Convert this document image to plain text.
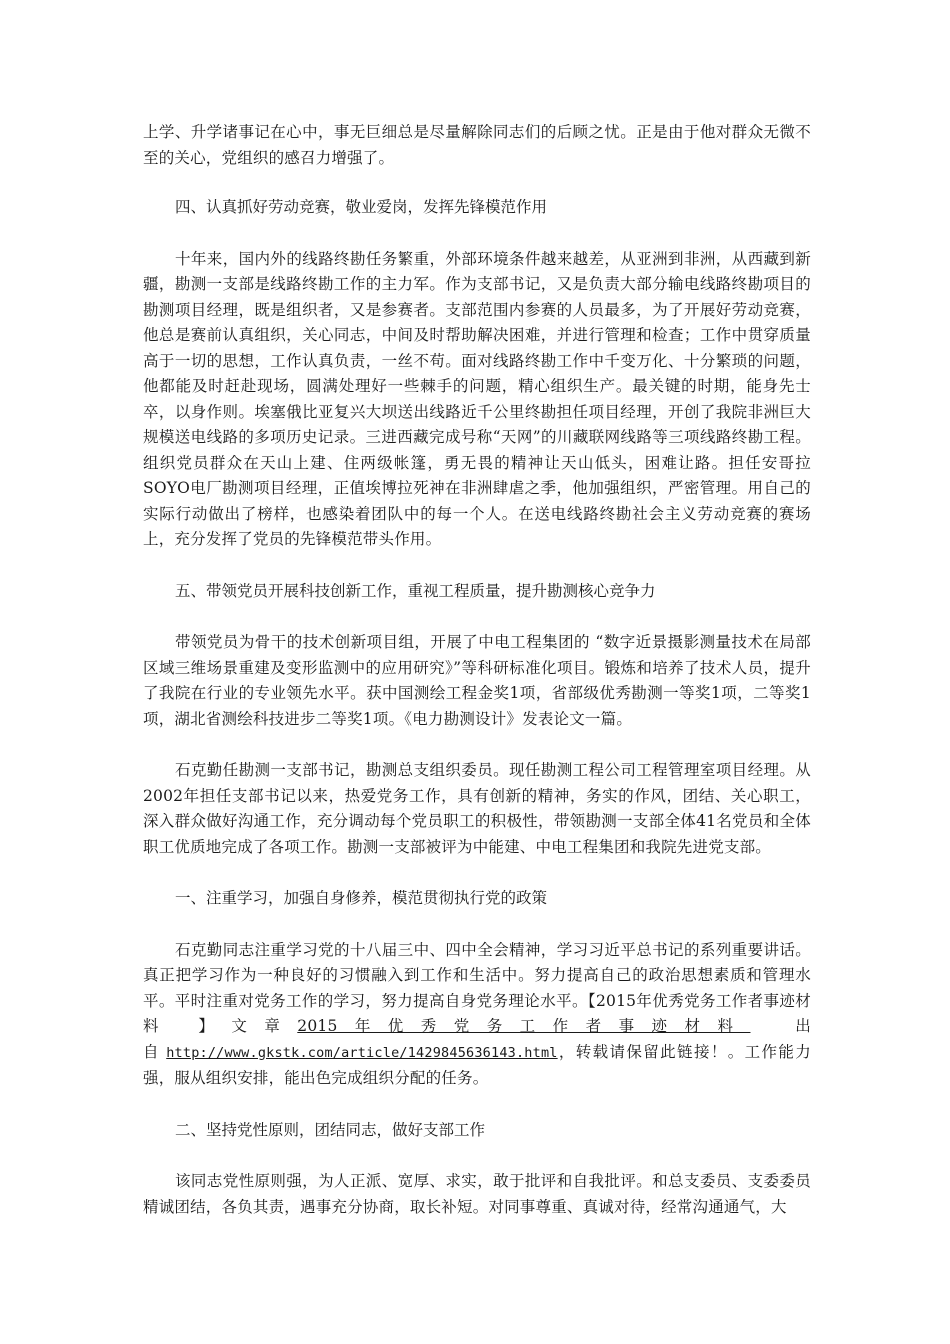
上学、升学诸事记在心中，事无巨细总是尽量解除同志们的后顾之忧。正是由于他对群众无微不至的关心，党组织的感召力增强了。

四、认真抓好劳动竞赛，敬业爱岗，发挥先锋模范作用

十年来，国内外的线路终勘任务繁重，外部环境条件越来越差，从亚洲到非洲，从西藏到新疆，勘测一支部是线路终勘工作的主力军。作为支部书记，又是负责大部分输电线路终勘项目的勘测项目经理，既是组织者，又是参赛者。支部范围内参赛的人员最多，为了开展好劳动竞赛，他总是赛前认真组织，关心同志，中间及时帮助解决困难，并进行管理和检查；工作中贯穿质量高于一切的思想，工作认真负责，一丝不苟。面对线路终勘工作中千变万化、十分繁琐的问题，他都能及时赶赴现场，圆满处理好一些棘手的问题，精心组织生产。最关键的时期，能身先士卒，以身作则。埃塞俄比亚复兴大坝送出线路近千公里终勘担任项目经理，开创了我院非洲巨大规模送电线路的多项历史记录。三进西藏完成号称“天网”的川藏联网线路等三项线路终勘工程。组织党员群众在天山上建、住两级帐篷，勇无畏的精神让天山低头，困难让路。担任安哥拉SOYO电厂勘测项目经理，正值埃博拉死神在非洲肆虐之季，他加强组织，严密管理。用自己的实际行动做出了榜样，也感染着团队中的每一个人。在送电线路终勘社会主义劳动竞赛的赛场上，充分发挥了党员的先锋模范带头作用。

五、带领党员开展科技创新工作，重视工程质量，提升勘测核心竞争力

带领党员为骨干的技术创新项目组，开展了中电工程集团的 “数字近景摄影测量技术在局部区域三维场景重建及变形监测中的应用研究》”等科研标准化项目。锻炼和培养了技术人员，提升了我院在行业的专业领先水平。获中国测绘工程金奖1项，省部级优秀勘测一等奖1项，二等奖1项，湖北省测绘科技进步二等奖1项。《电力勘测设计》发表论文一篇。

石克勤任勘测一支部书记，勘测总支组织委员。现任勘测工程公司工程管理室项目经理。从2002年担任支部书记以来，热爱党务工作，具有创新的精神，务实的作风，团结、关心职工，深入群众做好沟通工作，充分调动每个党员职工的积极性，带领勘测一支部全体41名党员和全体职工优质地完成了各项工作。勘测一支部被评为中能建、中电工程集团和我院先进党支部。

一、注重学习，加强自身修养，模范贯彻执行党的政策

石克勤同志注重学习党的十八届三中、四中全会精神，学习习近平总书记的系列重要讲话。真正把学习作为一种良好的习惯融入到工作和生活中。努力提高自己的政治思想素质和管理水平。平时注重对党务工作的学习，努力提高自身党务理论水平。【2015年优秀党务工作者事迹材料 】文章2015年优秀党务工作者事迹材料	出自 http://www.gkstk.com/article/1429845636143.html，转载请保留此链接！。工作能力强，服从组织安排，能出色完成组织分配的任务。

二、坚持党性原则，团结同志，做好支部工作

该同志党性原则强，为人正派、宽厚、求实，敢于批评和自我批评。和总支委员、支委委员精诚团结，各负其责，遇事充分协商，取长补短。对同事尊重、真诚对待，经常沟通通气，大
